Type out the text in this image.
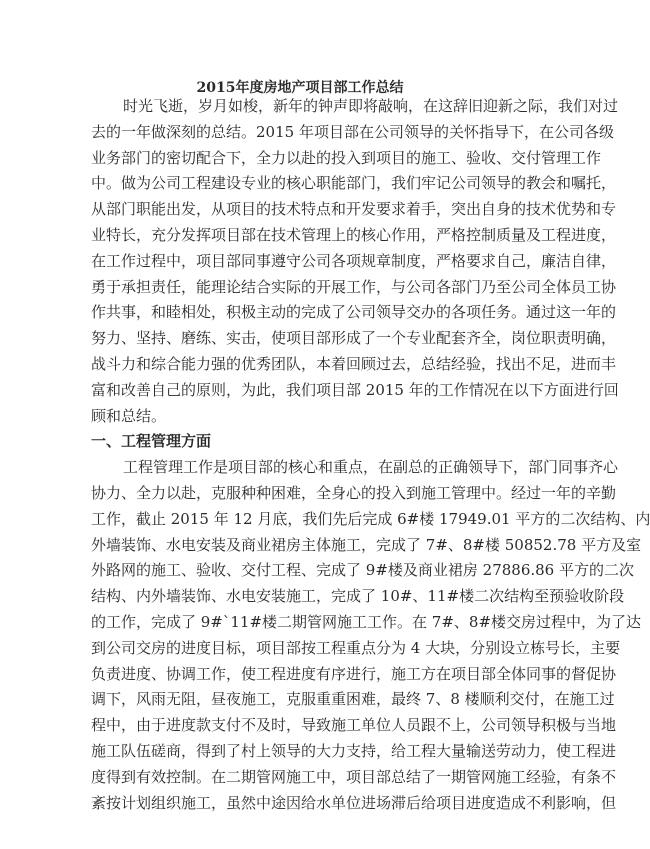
2015年度房地产项目部工作总结
时光飞逝，岁月如梭，新年的钟声即将敲响，在这辞旧迎新之际，我们对过
去的一年做深刻的总结。2015 年项目部在公司领导的关怀指导下，在公司各级
业务部门的密切配合下，全力以赴的投入到项目的施工、验收、交付管理工作
中。做为公司工程建设专业的核心职能部门，我们牢记公司领导的教会和嘱托，
从部门职能出发，从项目的技术特点和开发要求着手，突出自身的技术优势和专
业特长，充分发挥项目部在技术管理上的核心作用，严格控制质量及工程进度，
在工作过程中，项目部同事遵守公司各项规章制度，严格要求自己，廉洁自律，
勇于承担责任，能理论结合实际的开展工作，与公司各部门乃至公司全体员工协
作共事，和睦相处，积极主动的完成了公司领导交办的各项任务。通过这一年的
努力、坚持、磨练、实击，使项目部形成了一个专业配套齐全，岗位职责明确，
战斗力和综合能力强的优秀团队，本着回顾过去，总结经验，找出不足，进而丰
富和改善自己的原则，为此，我们项目部 2015 年的工作情况在以下方面进行回
顾和总结。
一、工程管理方面
工程管理工作是项目部的核心和重点，在副总的正确领导下，部门同事齐心
协力、全力以赴，克服种种困难，全身心的投入到施工管理中。经过一年的辛勤
工作，截止 2015 年 12 月底，我们先后完成 6#楼 17949.01 平方的二次结构、内
外墙装饰、水电安装及商业裙房主体施工，完成了 7#、8#楼 50852.78 平方及室
外路网的施工、验收、交付工程、完成了 9#楼及商业裙房 27886.86 平方的二次
结构、内外墙装饰、水电安装施工，完成了 10#、11#楼二次结构至预验收阶段
的工作，完成了 9#`11#楼二期管网施工工作。在 7#、8#楼交房过程中，为了达
到公司交房的进度目标，项目部按工程重点分为 4 大块，分别设立栋号长，主要
负责进度、协调工作，使工程进度有序进行，施工方在项目部全体同事的督促协
调下，风雨无阻，昼夜施工，克服重重困难，最终 7、8 楼顺利交付，在施工过
程中，由于进度款支付不及时，导致施工单位人员跟不上，公司领导积极与当地
施工队伍磋商，得到了村上领导的大力支持，给工程大量输送劳动力，使工程进
度得到有效控制。在二期管网施工中，项目部总结了一期管网施工经验，有条不
紊按计划组织施工，虽然中途因给水单位进场滞后给项目进度造成不利影响，但
